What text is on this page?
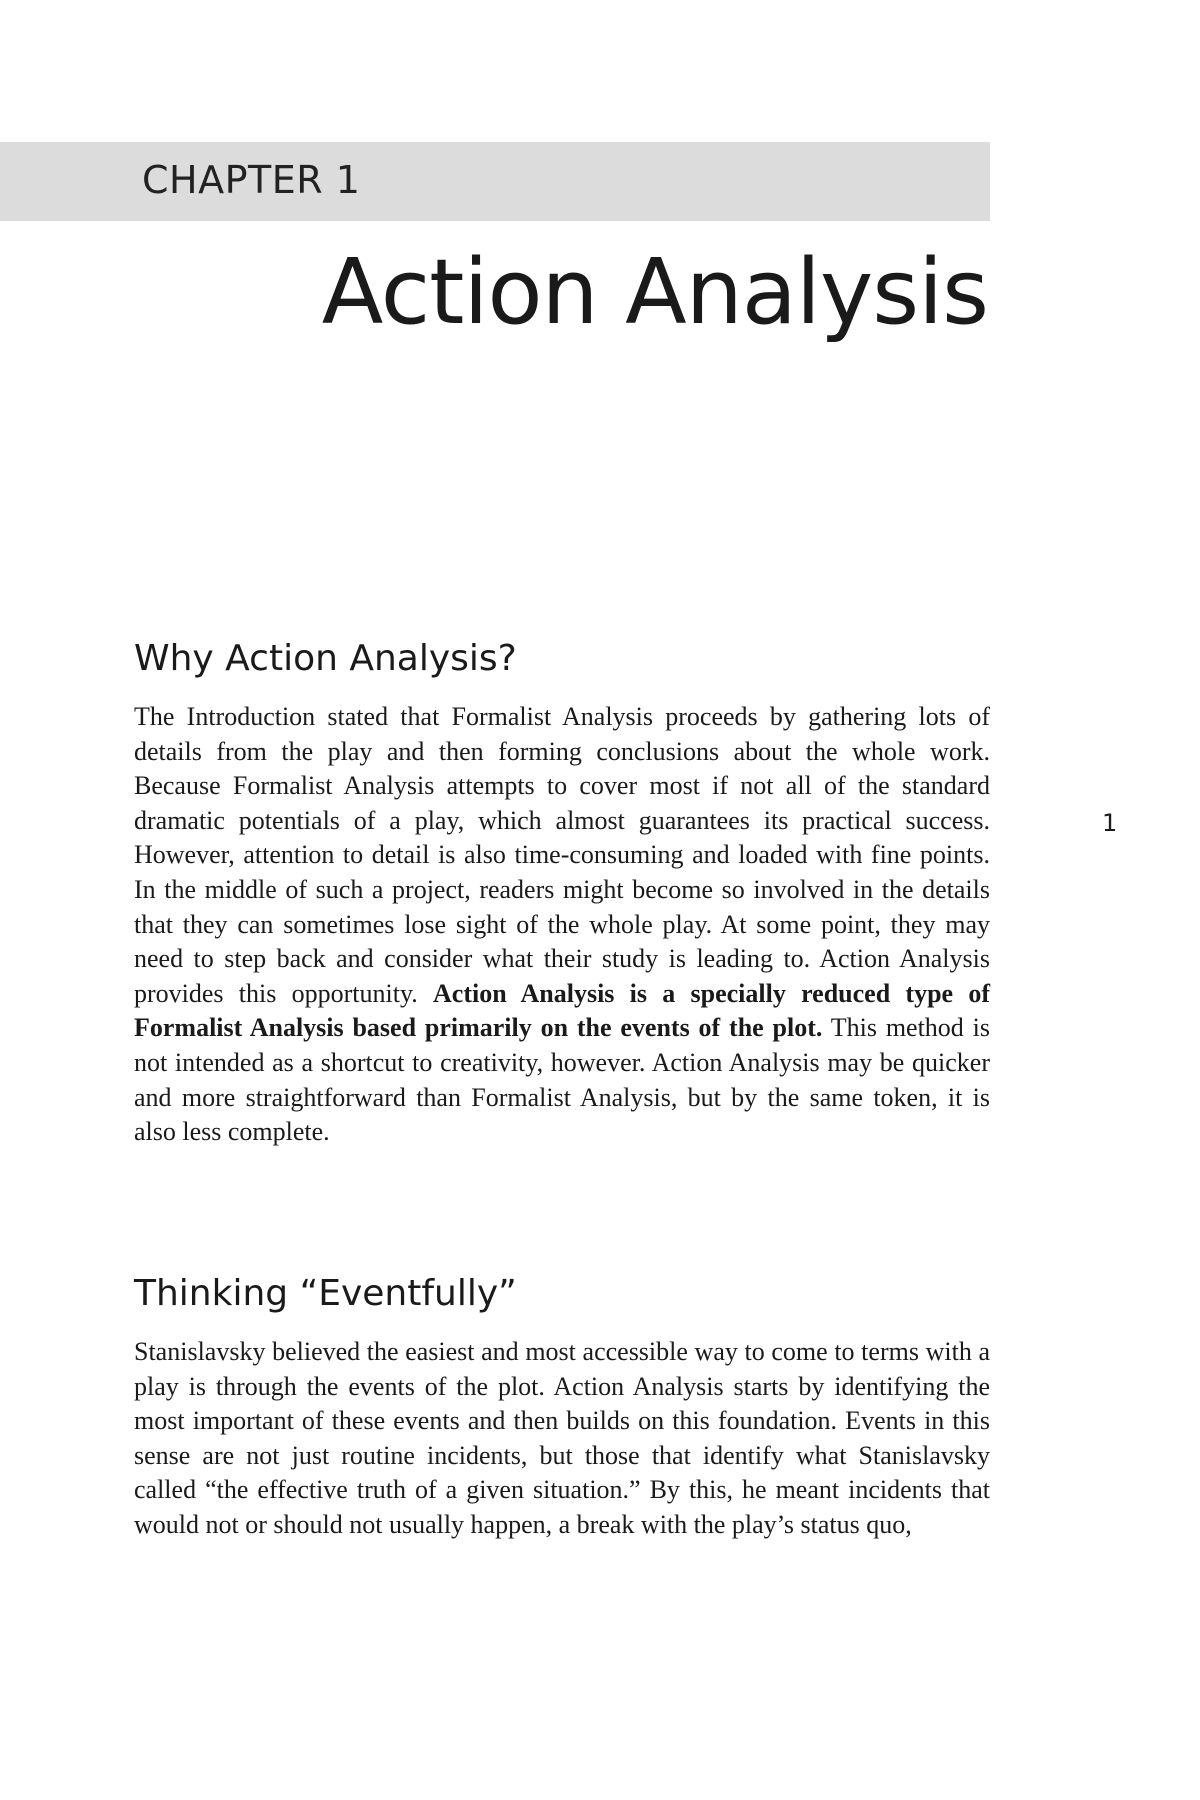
CHAPTER 1
Action Analysis
Why Action Analysis?

The Introduction stated that Formalist Analysis proceeds by gathering lots of details from the play and then forming conclusions about the whole work. Because Formalist Analysis attempts to cover most if not all of the standard dramatic potentials of a play, which almost guarantees its practical success. However, attention to detail is also time-consuming and loaded with fine points. In the middle of such a project, readers might become so involved in the details that they can sometimes lose sight of the whole play. At some point, they may need to step back and consider what their study is leading to. Action Analysis provides this opportunity. Action Analysis is a specially reduced type of Formalist Analysis based primarily on the events of the plot. This method is not intended as a shortcut to creativity, however. Action Analysis may be quicker and more straightforward than Formalist Analysis, but by the same token, it is also less complete.

1
Thinking “Eventfully”

Stanislavsky believed the easiest and most accessible way to come to terms with a play is through the events of the plot. Action Analysis starts by identifying the most important of these events and then builds on this foundation. Events in this sense are not just routine incidents, but those that identify what Stanislavsky called “the effective truth of a given situation.” By this, he meant incidents that would not or should not usually happen, a break with the play’s status quo,
